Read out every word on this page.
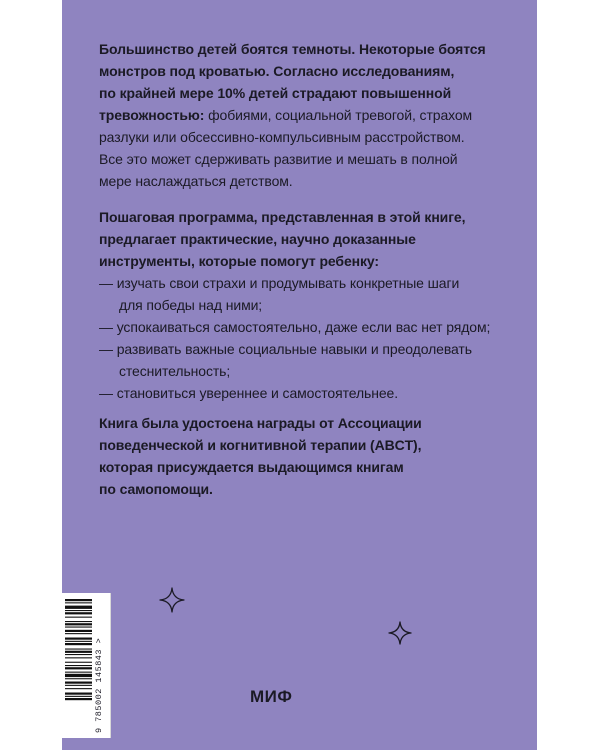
Большинство детей боятся темноты. Некоторые боятся
монстров под кроватью. Согласно исследованиям,
по крайней мере 10% детей страдают повышенной
тревожностью: фобиями, социальной тревогой, страхом
разлуки или обсессивно-компульсивным расстройством.
Все это может сдерживать развитие и мешать в полной
мере наслаждаться детством.

Пошаговая программа, представленная в этой книге,
предлагает практические, научно доказанные
инструменты, которые помогут ребенку:

— изучать свои страхи и продумывать конкретные шаги
для победы над ними;
— успокаиваться самостоятельно, даже если вас нет рядом;
— развивать важные социальные навыки и преодолевать
стеснительность;
— становиться увереннее и самостоятельнее.

Книга была удостоена награды от Ассоциации
поведенческой и когнитивной терапии (ABCT),
которая присуждается выдающимся книгам
по самопомощи.

9 785002 145843 >	МИФ
